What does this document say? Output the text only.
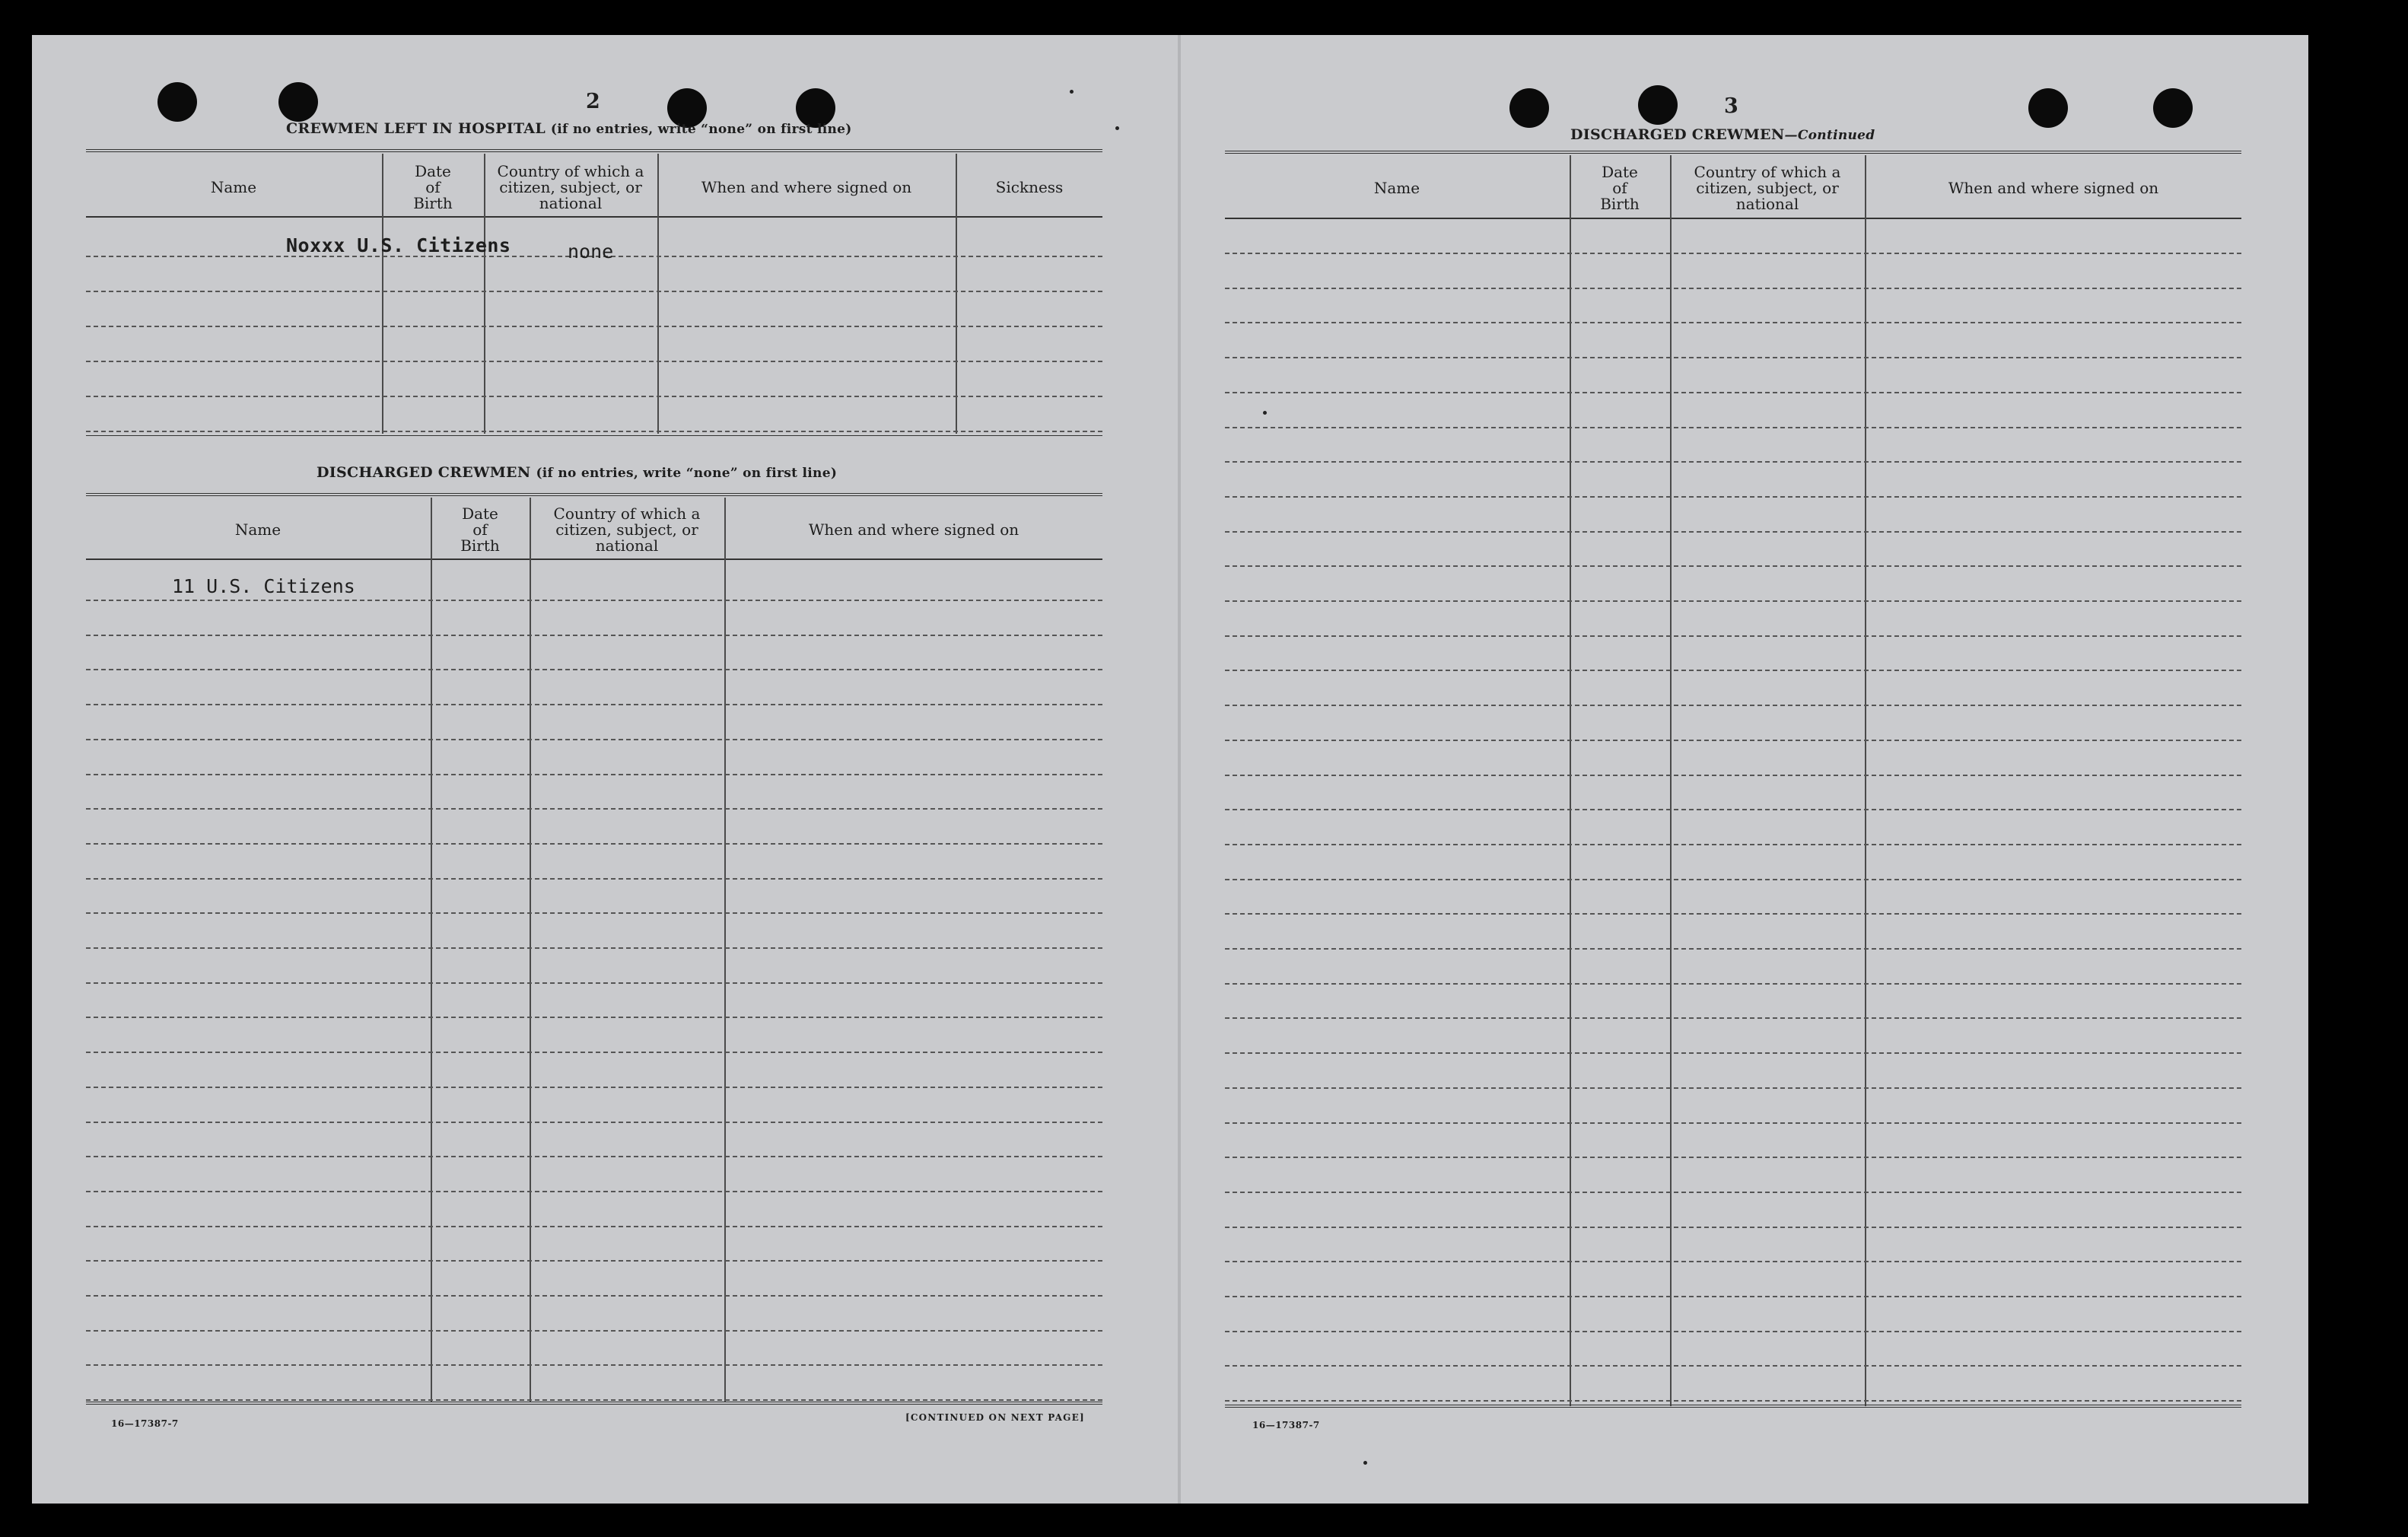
2
CREWMEN LEFT IN HOSPITAL (if no entries, write “none” on first line)
Name
Date
of
Birth
Country of which a
citizen, subject, or
national
When and where signed on	Sickness
Noxxx U.S. Citizens	none
DISCHARGED CREWMEN (if no entries, write “none” on first line)
Name
Date
of
Birth
Country of which a
citizen, subject, or
national
When and where signed on
11 U.S. Citizens
16—17387-7
[CONTINUED ON NEXT PAGE]
3
DISCHARGED CREWMEN—Continued
Name
Date
of
Birth
Country of which a
citizen, subject, or
national
When and where signed on
16—17387-7
